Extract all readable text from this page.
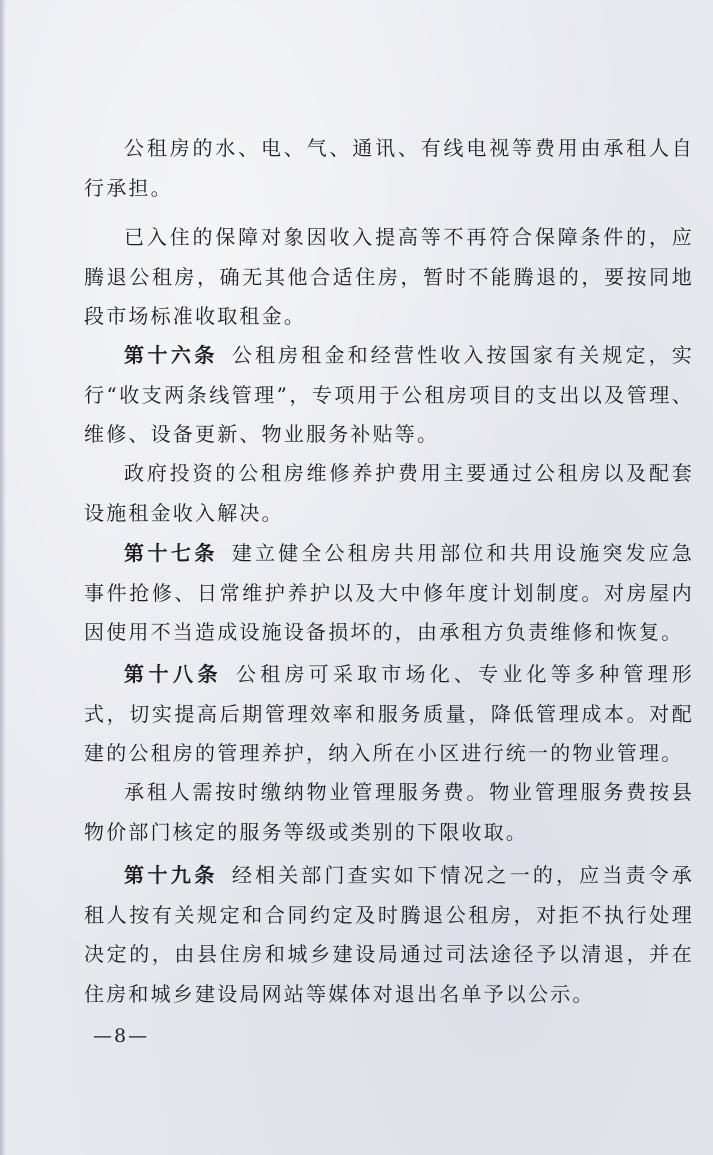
公租房的水、电、气、通讯、有线电视等费用由承租人自行承担。

已入住的保障对象因收入提高等不再符合保障条件的，应腾退公租房，确无其他合适住房，暂时不能腾退的，要按同地段市场标准收取租金。

第十六条 公租房租金和经营性收入按国家有关规定，实行“收支两条线管理”，专项用于公租房项目的支出以及管理、维修、设备更新、物业服务补贴等。

政府投资的公租房维修养护费用主要通过公租房以及配套设施租金收入解决。

第十七条 建立健全公租房共用部位和共用设施突发应急事件抢修、日常维护养护以及大中修年度计划制度。对房屋内因使用不当造成设施设备损坏的，由承租方负责维修和恢复。

第十八条 公租房可采取市场化、专业化等多种管理形式，切实提高后期管理效率和服务质量，降低管理成本。对配建的公租房的管理养护，纳入所在小区进行统一的物业管理。

承租人需按时缴纳物业管理服务费。物业管理服务费按县物价部门核定的服务等级或类别的下限收取。

第十九条 经相关部门查实如下情况之一的，应当责令承租人按有关规定和合同约定及时腾退公租房，对拒不执行处理决定的，由县住房和城乡建设局通过司法途径予以清退，并在住房和城乡建设局网站等媒体对退出名单予以公示。

—8—
